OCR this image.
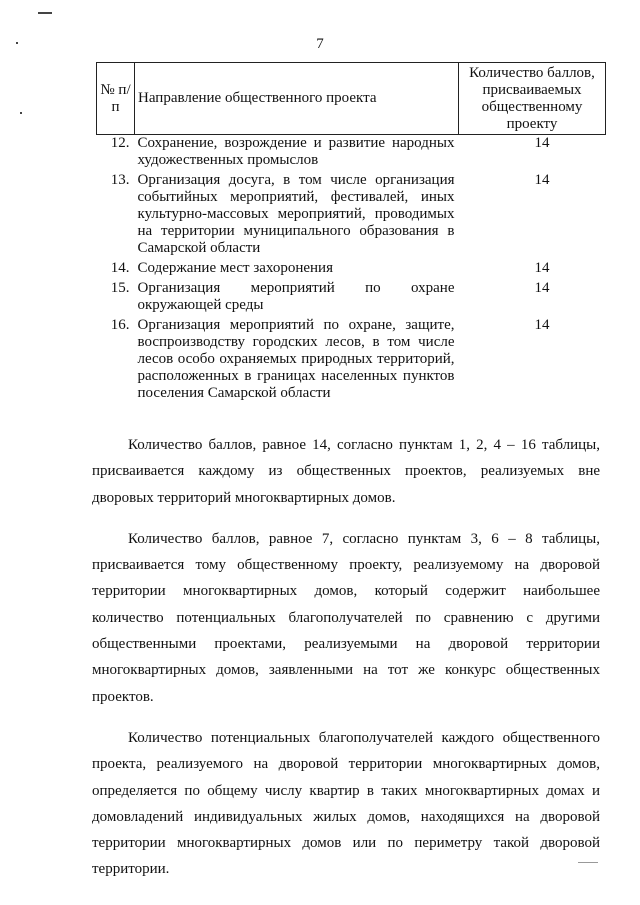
7
№ п/п	Направление общественного проекта	Количество баллов, присваиваемых общественному проекту
12.	Сохранение, возрождение и развитие народных художественных промыслов	14
13.	Организация досуга, в том числе организация событийных мероприятий, фестивалей, иных культурно-массовых мероприятий, проводимых на территории муниципального образования в Самарской области	14
14.	Содержание мест захоронения	14
15.	Организация мероприятий по охране окружающей среды	14
16.	Организация мероприятий по охране, защите, воспроизводству городских лесов, в том числе лесов особо охраняемых природных территорий, расположенных в границах населенных пунктов поселения Самарской области	14

Количество баллов, равное 14, согласно пунктам 1, 2, 4 – 16 таблицы, присваивается каждому из общественных проектов, реализуемых вне дворовых территорий многоквартирных домов.

Количество баллов, равное 7, согласно пунктам 3, 6 – 8 таблицы, присваивается тому общественному проекту, реализуемому на дворовой территории многоквартирных домов, который содержит наибольшее количество потенциальных благополучателей по сравнению с другими общественными проектами, реализуемыми на дворовой территории многоквартирных домов, заявленными на тот же конкурс общественных проектов.

Количество потенциальных благополучателей каждого общественного проекта, реализуемого на дворовой территории многоквартирных домов, определяется по общему числу квартир в таких многоквартирных домах и домовладений индивидуальных жилых домов, находящихся на дворовой территории многоквартирных домов или по периметру такой дворовой территории.
